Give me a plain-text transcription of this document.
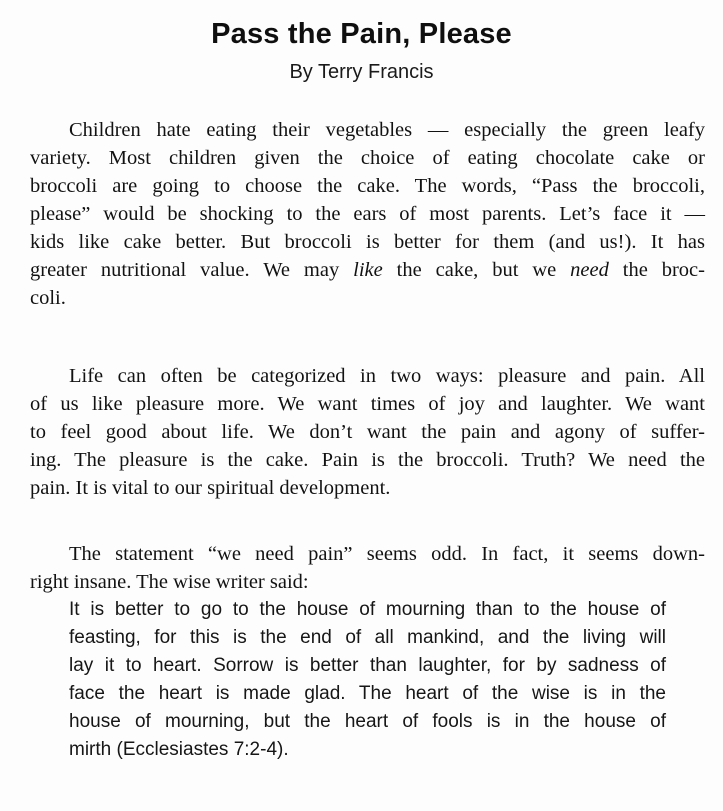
Pass the Pain, Please

By Terry Francis

Children hate eating their vegetables — especially the green leafy
variety. Most children given the choice of eating chocolate cake or
broccoli are going to choose the cake. The words, “Pass the broccoli,
please” would be shocking to the ears of most parents. Let’s face it —
kids like cake better. But broccoli is better for them (and us!). It has
greater nutritional value. We may like the cake, but we need the broc-
coli.
Life can often be categorized in two ways: pleasure and pain. All
of us like pleasure more. We want times of joy and laughter. We want
to feel good about life. We don’t want the pain and agony of suffer-
ing. The pleasure is the cake. Pain is the broccoli. Truth? We need the
pain. It is vital to our spiritual development.
The statement “we need pain” seems odd. In fact, it seems down-
right insane. The wise writer said:
It is better to go to the house of mourning than to the house of
feasting, for this is the end of all mankind, and the living will
lay it to heart. Sorrow is better than laughter, for by sadness of
face the heart is made glad. The heart of the wise is in the
house of mourning, but the heart of fools is in the house of
mirth (Ecclesiastes 7:2-4).
